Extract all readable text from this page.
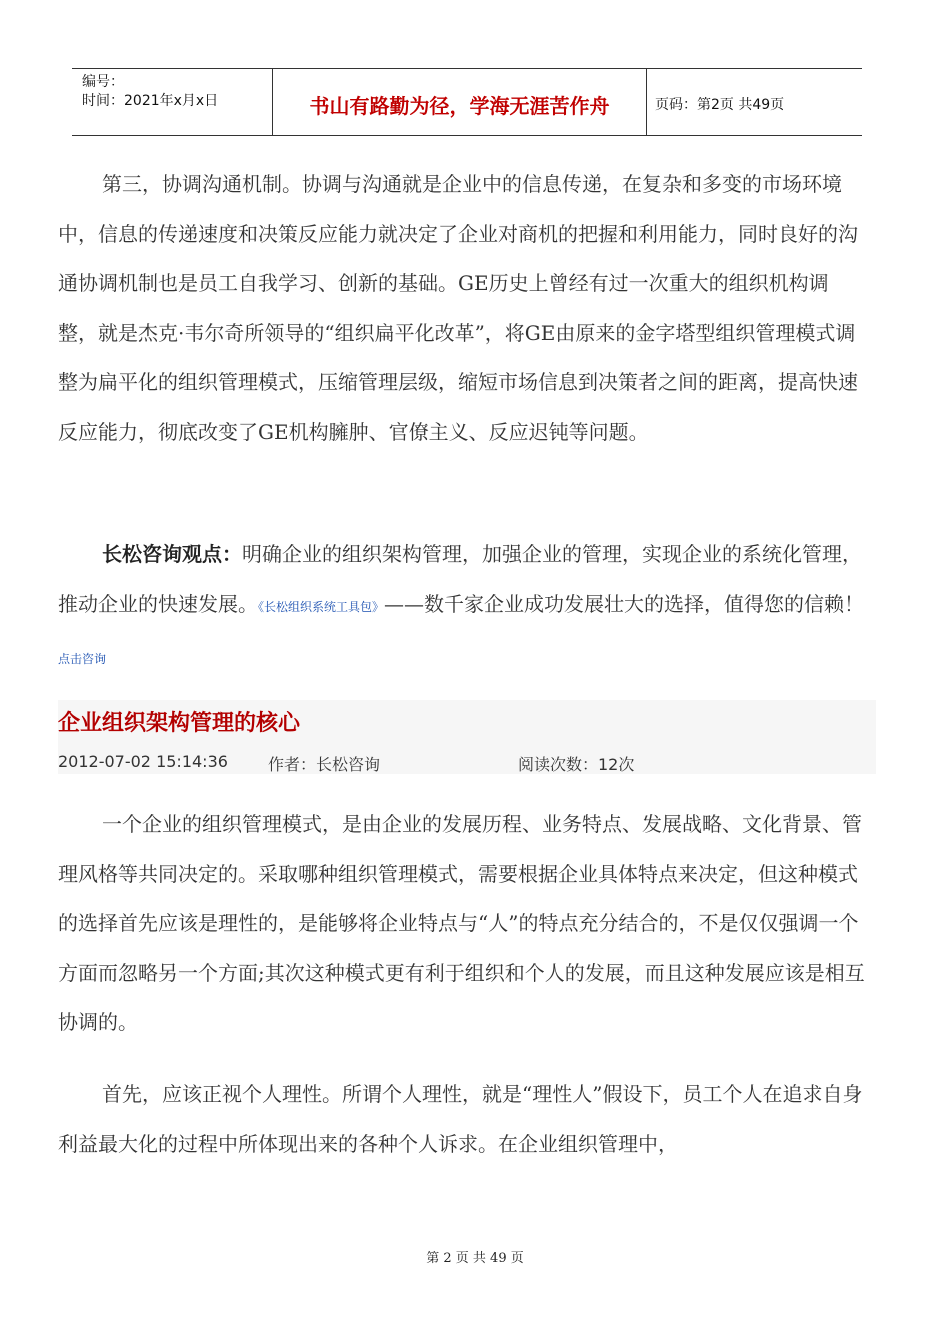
编号：
时间：2021年x月x日	书山有路勤为径，学海无涯苦作舟	页码：第2页 共49页

第三，协调沟通机制。协调与沟通就是企业中的信息传递，在复杂和多变的市场环境中，信息的传递速度和决策反应能力就决定了企业对商机的把握和利用能力，同时良好的沟通协调机制也是员工自我学习、创新的基础。GE历史上曾经有过一次重大的组织机构调整，就是杰克·韦尔奇所领导的“组织扁平化改革”，将GE由原来的金字塔型组织管理模式调整为扁平化的组织管理模式，压缩管理层级，缩短市场信息到决策者之间的距离，提高快速反应能力，彻底改变了GE机构臃肿、官僚主义、反应迟钝等问题。

长松咨询观点：明确企业的组织架构管理，加强企业的管理，实现企业的系统化管理，推动企业的快速发展。《长松组织系统工具包》——数千家企业成功发展壮大的选择，值得您的信赖！点击咨询

企业组织架构管理的核心
2012-07-02 15:14:36	作者：长松咨询	阅读次数：12次

一个企业的组织管理模式，是由企业的发展历程、业务特点、发展战略、文化背景、管理风格等共同决定的。采取哪种组织管理模式，需要根据企业具体特点来决定，但这种模式的选择首先应该是理性的，是能够将企业特点与“人”的特点充分结合的，不是仅仅强调一个方面而忽略另一个方面;其次这种模式更有利于组织和个人的发展，而且这种发展应该是相互协调的。

首先，应该正视个人理性。所谓个人理性，就是“理性人”假设下，员工个人在追求自身利益最大化的过程中所体现出来的各种个人诉求。在企业组织管理中，

第 2 页 共 49 页
